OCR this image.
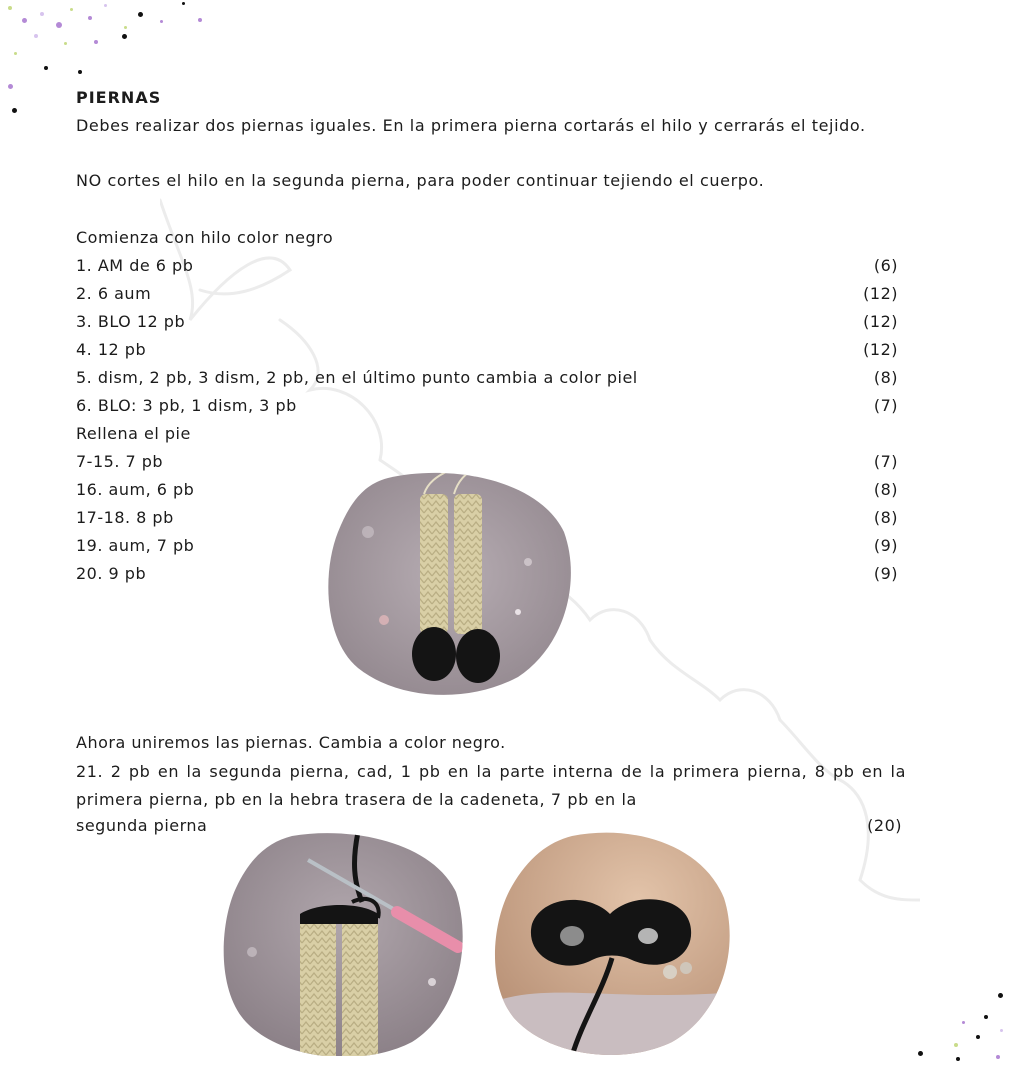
PIERNAS
Debes realizar dos piernas iguales. En la primera pierna cortarás el hilo y cerrarás el tejido.
NO cortes el hilo en la segunda pierna, para poder continuar tejiendo el cuerpo.
Comienza con hilo color negro
1. AM de 6 pb	(6)
2. 6 aum	(12)
3. BLO 12 pb	(12)
4. 12 pb	(12)
5. dism, 2 pb, 3 dism, 2 pb, en el último punto cambia a color piel	(8)
6. BLO: 3 pb, 1 dism, 3 pb	(7)
Rellena el pie
7-15. 7 pb	(7)
16. aum, 6 pb	(8)
17-18. 8 pb	(8)
19. aum, 7 pb	(9)
20. 9 pb	(9)
Ahora uniremos las piernas. Cambia a color negro.
21. 2 pb en la segunda pierna, cad, 1 pb en la parte interna de la primera pierna, 8 pb en la primera pierna, pb en la hebra trasera de la cadeneta, 7 pb en la
segunda pierna	(20)
